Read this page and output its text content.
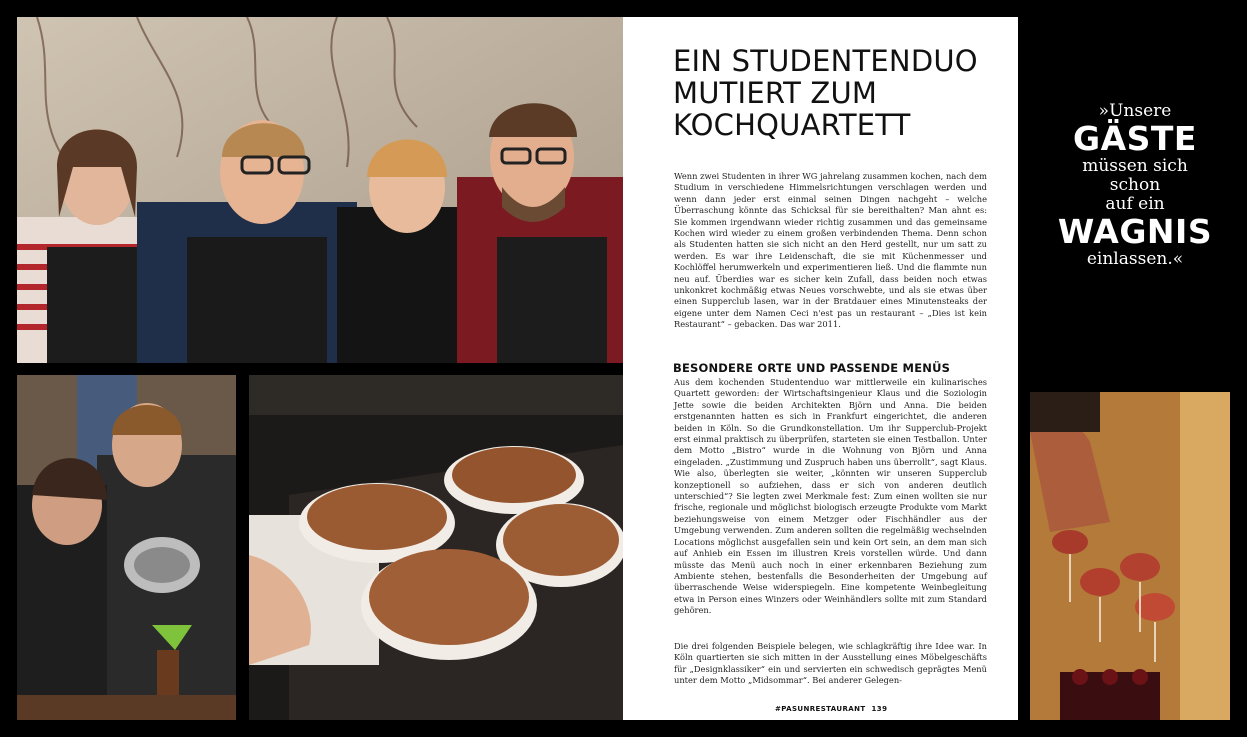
EIN STUDENTENDUO MUTIERT ZUM KOCHQUARTETT

Wenn zwei Studenten in ihrer WG jahrelang zusammen kochen, nach dem Studium in verschiedene Himmelsrichtungen verschlagen werden und wenn dann jeder erst einmal seinen Dingen nachgeht – welche Überraschung könnte das Schicksal für sie bereithalten? Man ahnt es: Sie kommen irgendwann wieder richtig zusammen und das gemeinsame Kochen wird wieder zu einem großen verbindenden Thema. Denn schon als Studenten hatten sie sich nicht an den Herd gestellt, nur um satt zu werden. Es war ihre Leidenschaft, die sie mit Küchenmesser und Kochlöffel herumwerkeln und experimentieren ließ. Und die flammte nun neu auf. Überdies war es sicher kein Zufall, dass beiden noch etwas unkonkret kochmäßig etwas Neues vorschwebte, und als sie etwas über einen Supperclub lasen, war in der Bratdauer eines Minutensteaks der eigene unter dem Namen Ceci n'est pas un restaurant – „Dies ist kein Restaurant“ – gebacken. Das war 2011.

BESONDERE ORTE UND PASSENDE MENÜS

Aus dem kochenden Studentenduo war mittlerweile ein kulinarisches Quartett geworden: der Wirtschaftsingenieur Klaus und die Soziologin Jette sowie die beiden Architekten Björn und Anna. Die beiden erstgenannten hatten es sich in Frankfurt eingerichtet, die anderen beiden in Köln. So die Grundkonstellation. Um ihr Supperclub-Projekt erst einmal praktisch zu überprüfen, starteten sie einen Testballon. Unter dem Motto „Bistro“ wurde in die Wohnung von Björn und Anna eingeladen. „Zustimmung und Zuspruch haben uns überrollt“, sagt Klaus. Wie also, überlegten sie weiter, „könnten wir unseren Supperclub konzeptionell so aufziehen, dass er sich von anderen deutlich unterschied“? Sie legten zwei Merkmale fest: Zum einen wollten sie nur frische, regionale und möglichst biologisch erzeugte Produkte vom Markt beziehungsweise von einem Metzger oder Fischhändler aus der Umgebung verwenden. Zum anderen sollten die regelmäßig wechselnden Locations möglichst ausgefallen sein und kein Ort sein, an dem man sich auf Anhieb ein Essen im illustren Kreis vorstellen würde. Und dann müsste das Menü auch noch in einer erkennbaren Beziehung zum Ambiente stehen, bestenfalls die Besonderheiten der Umgebung auf überraschende Weise widerspiegeln. Eine kompetente Weinbegleitung etwa in Person eines Winzers oder Weinhändlers sollte mit zum Standard gehören.

Die drei folgenden Beispiele belegen, wie schlagkräftig ihre Idee war. In Köln quartierten sie sich mitten in der Ausstellung eines Möbelgeschäfts für „Designklassiker“ ein und servierten ein schwedisch geprägtes Menü unter dem Motto „Midsommar“. Bei anderer Gelegen-

#PASUNRESTAURANT 139
»Unsere
GÄSTE
müssen sich
schon
auf ein
WAGNIS
einlassen.«
